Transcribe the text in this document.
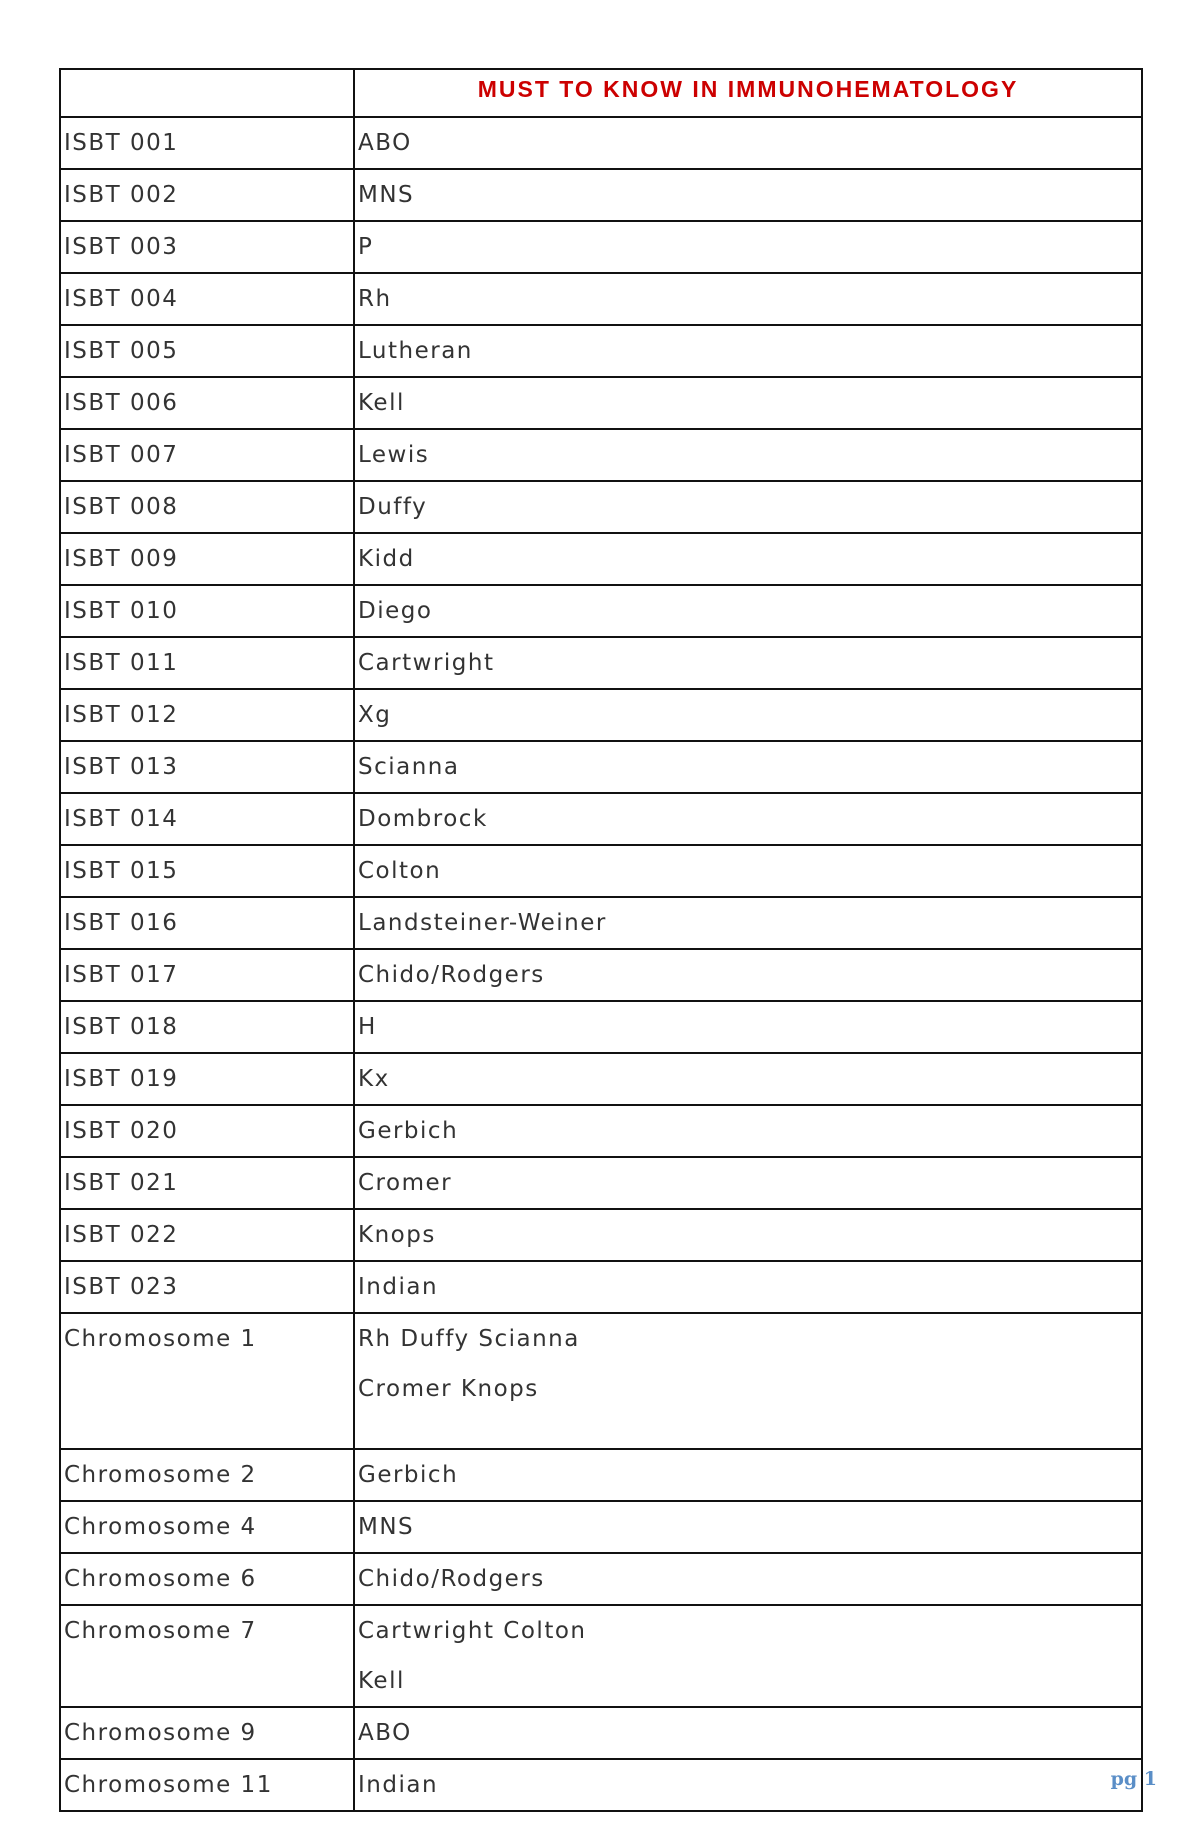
	MUST TO KNOW IN IMMUNOHEMATOLOGY

ISBT 001	ABO

ISBT 002	MNS

ISBT 003	P

ISBT 004	Rh

ISBT 005	Lutheran

ISBT 006	Kell

ISBT 007	Lewis

ISBT 008	Duffy

ISBT 009	Kidd

ISBT 010	Diego

ISBT 011	Cartwright

ISBT 012	Xg

ISBT 013	Scianna

ISBT 014	Dombrock

ISBT 015	Colton

ISBT 016	Landsteiner-Weiner

ISBT 017	Chido/Rodgers

ISBT 018	H

ISBT 019	Kx

ISBT 020	Gerbich

ISBT 021	Cromer

ISBT 022	Knops

ISBT 023	Indian

Chromosome 1	Rh Duffy Scianna
Cromer Knops

Chromosome 2	Gerbich

Chromosome 4	MNS

Chromosome 6	Chido/Rodgers

Chromosome 7	Cartwright Colton
Kell

Chromosome 9	ABO

Chromosome 11	Indian	pg 1
